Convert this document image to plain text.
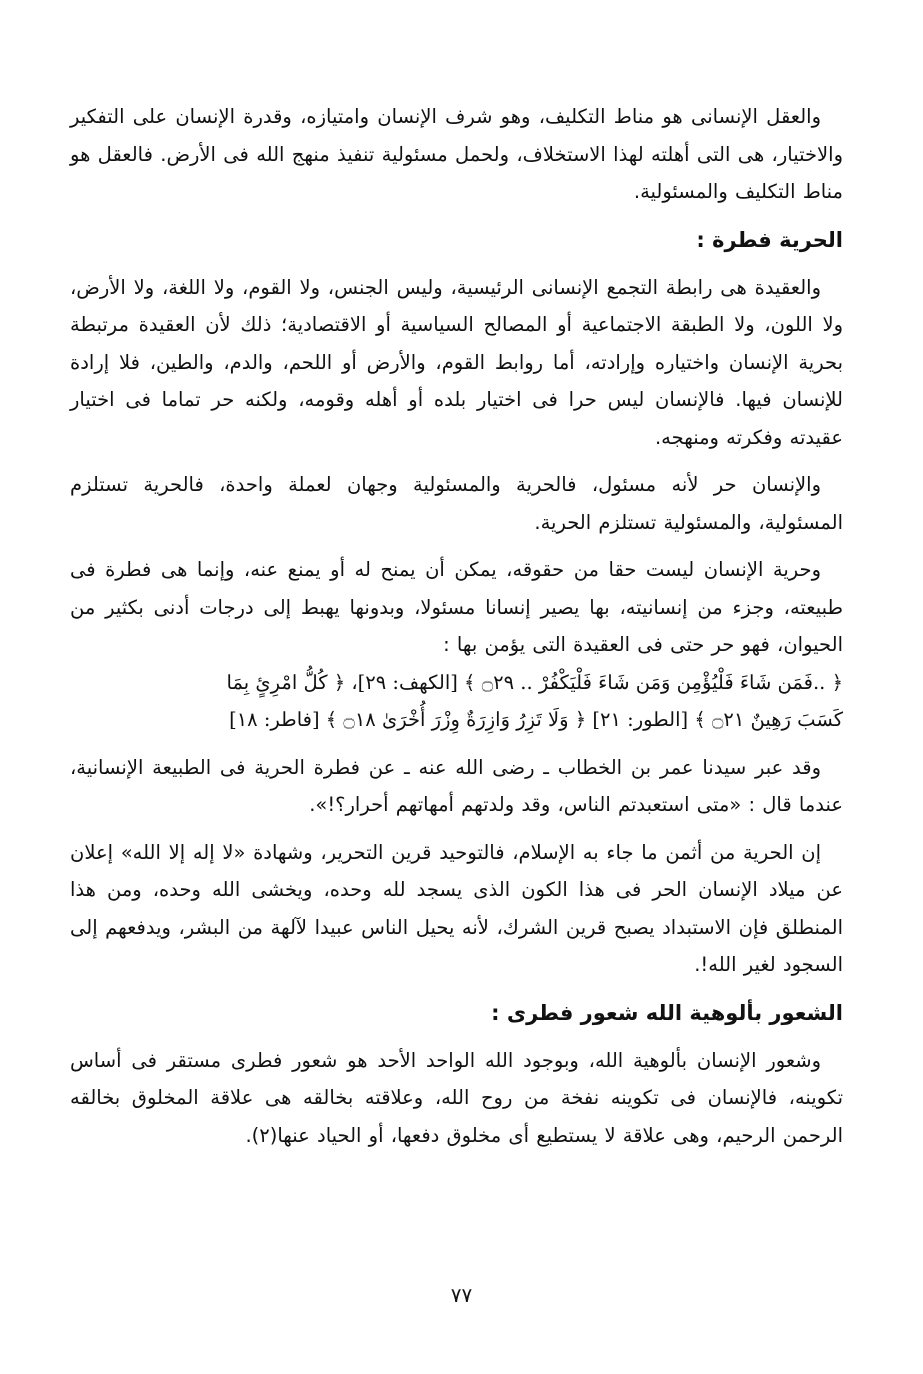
والعقل الإنسانى هو مناط التكليف، وهو شرف الإنسان وامتيازه، وقدرة الإنسان على التفكير والاختيار، هى التى أهلته لهذا الاستخلاف، ولحمل مسئولية تنفيذ منهج الله فى الأرض. فالعقل هو مناط التكليف والمسئولية.

الحرية فطرة :

والعقيدة هى رابطة التجمع الإنسانى الرئيسية، وليس الجنس، ولا القوم، ولا اللغة، ولا الأرض، ولا اللون، ولا الطبقة الاجتماعية أو المصالح السياسية أو الاقتصادية؛ ذلك لأن العقيدة مرتبطة بحرية الإنسان واختياره وإرادته، أما روابط القوم، والأرض أو اللحم، والدم، والطين، فلا إرادة للإنسان فيها. فالإنسان ليس حرا فى اختيار بلده أو أهله وقومه، ولكنه حر تماما فى اختيار عقيدته وفكرته ومنهجه.

والإنسان حر لأنه مسئول، فالحرية والمسئولية وجهان لعملة واحدة، فالحرية تستلزم المسئولية، والمسئولية تستلزم الحرية.

وحرية الإنسان ليست حقا من حقوقه، يمكن أن يمنح له أو يمنع عنه، وإنما هى فطرة فى طبيعته، وجزء من إنسانيته، بها يصير إنسانا مسئولا، وبدونها يهبط إلى درجات أدنى بكثير من الحيوان، فهو حر حتى فى العقيدة التى يؤمن بها :

﴿ ..فَمَن شَاءَ فَلْيُؤْمِن وَمَن شَاءَ فَلْيَكْفُرْ .. ۝٢٩ ﴾ [الكهف: ٢٩]، ﴿ كُلُّ امْرِئٍ بِمَا

كَسَبَ رَهِينٌ ۝٢١ ﴾ [الطور: ٢١] ﴿ وَلَا تَزِرُ وَازِرَةٌ وِزْرَ أُخْرَىٰ ۝١٨ ﴾ [فاطر: ١٨]

وقد عبر سيدنا عمر بن الخطاب ـ رضى الله عنه ـ عن فطرة الحرية فى الطبيعة الإنسانية، عندما قال : «متى استعبدتم الناس، وقد ولدتهم أمهاتهم أحرار؟!».

إن الحرية من أثمن ما جاء به الإسلام، فالتوحيد قرين التحرير، وشهادة «لا إله إلا الله» إعلان عن ميلاد الإنسان الحر فى هذا الكون الذى يسجد لله وحده، ويخشى الله وحده، ومن هذا المنطلق فإن الاستبداد يصبح قرين الشرك، لأنه يحيل الناس عبيدا لآلهة من البشر، ويدفعهم إلى السجود لغير الله!.

الشعور بألوهية الله شعور فطرى :

وشعور الإنسان بألوهية الله، وبوجود الله الواحد الأحد هو شعور فطرى مستقر فى أساس تكوينه، فالإنسان فى تكوينه نفخة من روح الله، وعلاقته بخالقه هى علاقة المخلوق بخالقه الرحمن الرحيم، وهى علاقة لا يستطيع أى مخلوق دفعها، أو الحياد عنها(٢).

٧٧
